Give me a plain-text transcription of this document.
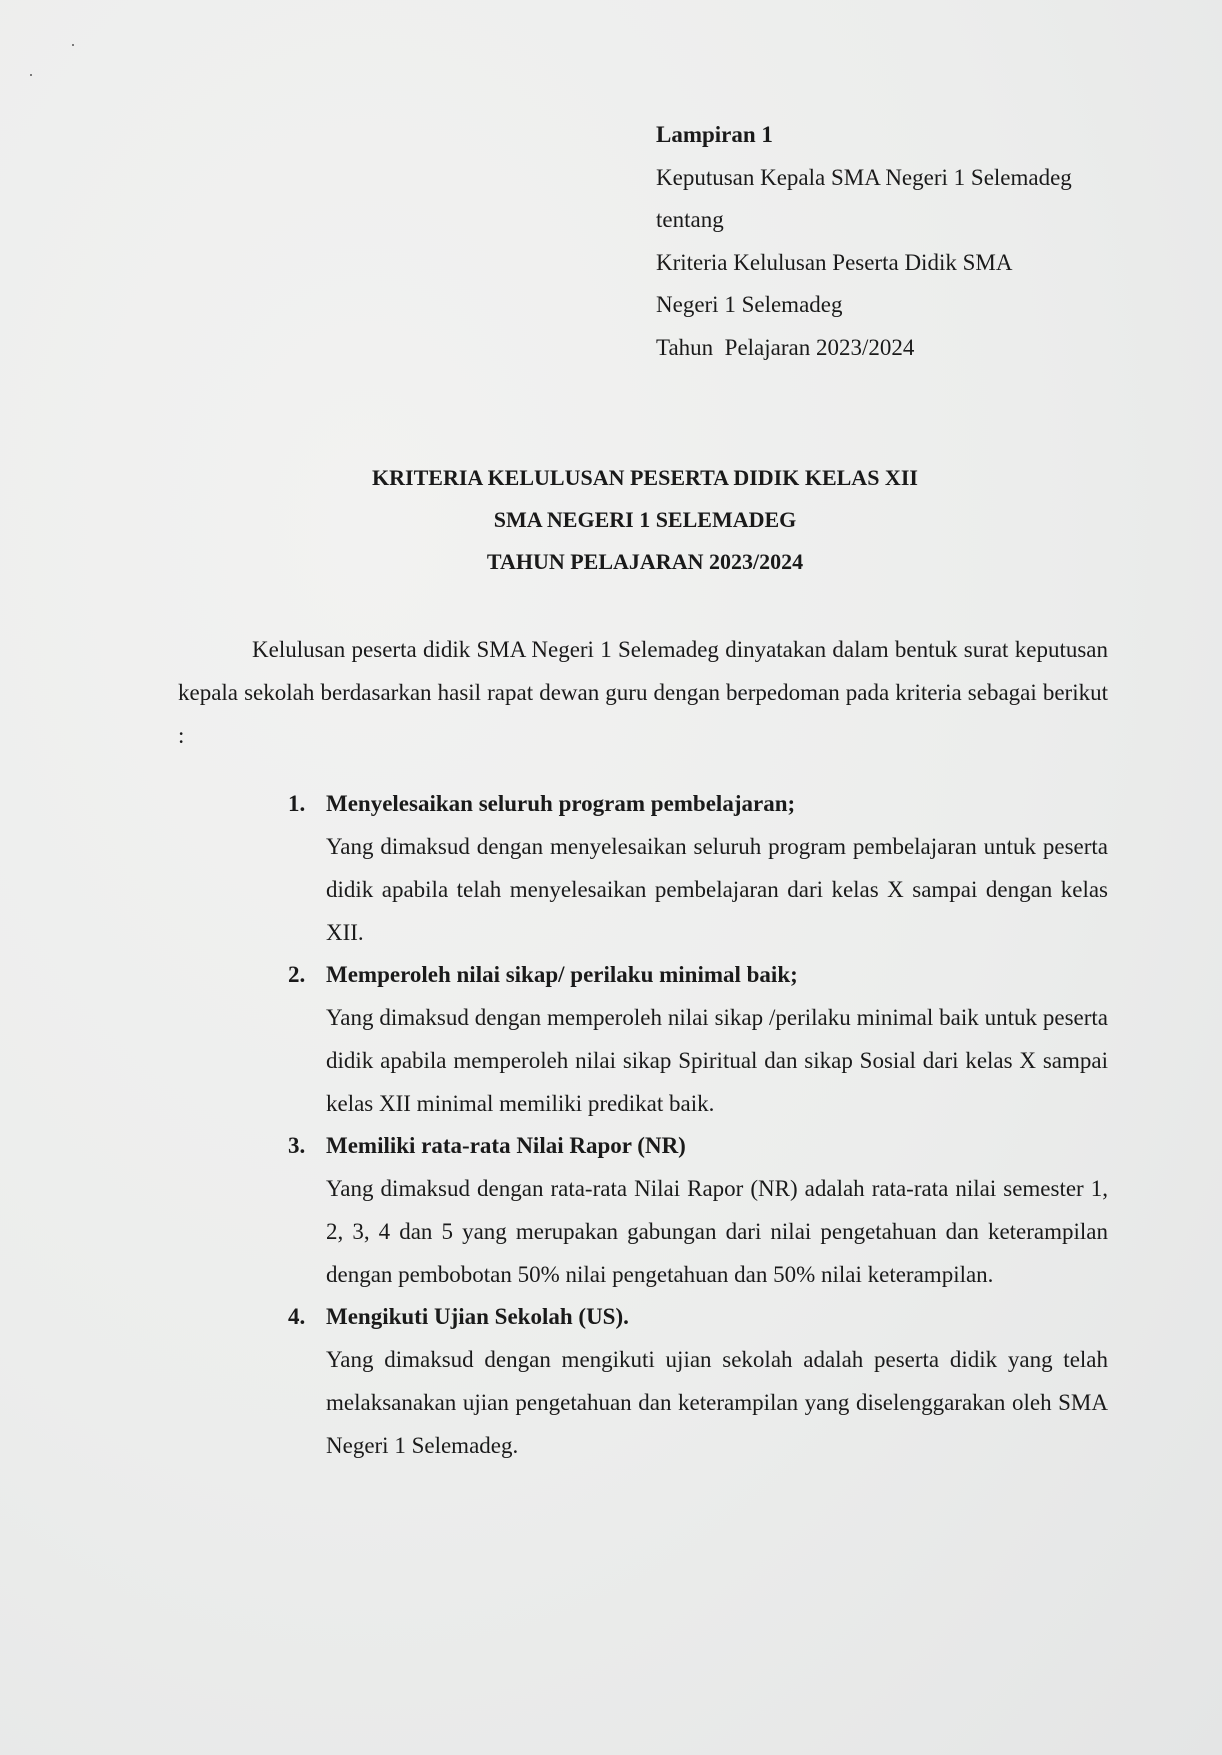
Lampiran 1
Keputusan Kepala SMA Negeri 1 Selemadeg
tentang
Kriteria Kelulusan Peserta Didik SMA
Negeri 1 Selemadeg
Tahun  Pelajaran 2023/2024
KRITERIA KELULUSAN PESERTA DIDIK KELAS XII
SMA NEGERI 1 SELEMADEG
TAHUN PELAJARAN 2023/2024

Kelulusan peserta didik SMA Negeri 1 Selemadeg dinyatakan dalam bentuk surat keputusan kepala sekolah berdasarkan hasil rapat dewan guru dengan berpedoman pada kriteria sebagai berikut :

1. Menyelesaikan seluruh program pembelajaran;
Yang dimaksud dengan menyelesaikan seluruh program pembelajaran untuk peserta didik apabila telah menyelesaikan pembelajaran dari kelas X sampai dengan kelas XII.
2. Memperoleh nilai sikap/ perilaku minimal baik;
Yang dimaksud dengan memperoleh nilai sikap /perilaku minimal baik untuk peserta didik apabila memperoleh nilai sikap Spiritual dan sikap Sosial dari kelas X sampai kelas XII minimal memiliki predikat baik.
3. Memiliki rata-rata Nilai Rapor (NR)
Yang dimaksud dengan rata-rata Nilai Rapor (NR) adalah rata-rata nilai semester 1, 2, 3, 4 dan 5 yang merupakan gabungan dari nilai pengetahuan dan keterampilan dengan pembobotan 50% nilai pengetahuan dan 50% nilai keterampilan.
4. Mengikuti Ujian Sekolah (US).
Yang dimaksud dengan mengikuti ujian sekolah adalah peserta didik yang telah melaksanakan ujian pengetahuan dan keterampilan yang diselenggarakan oleh SMA Negeri 1 Selemadeg.
